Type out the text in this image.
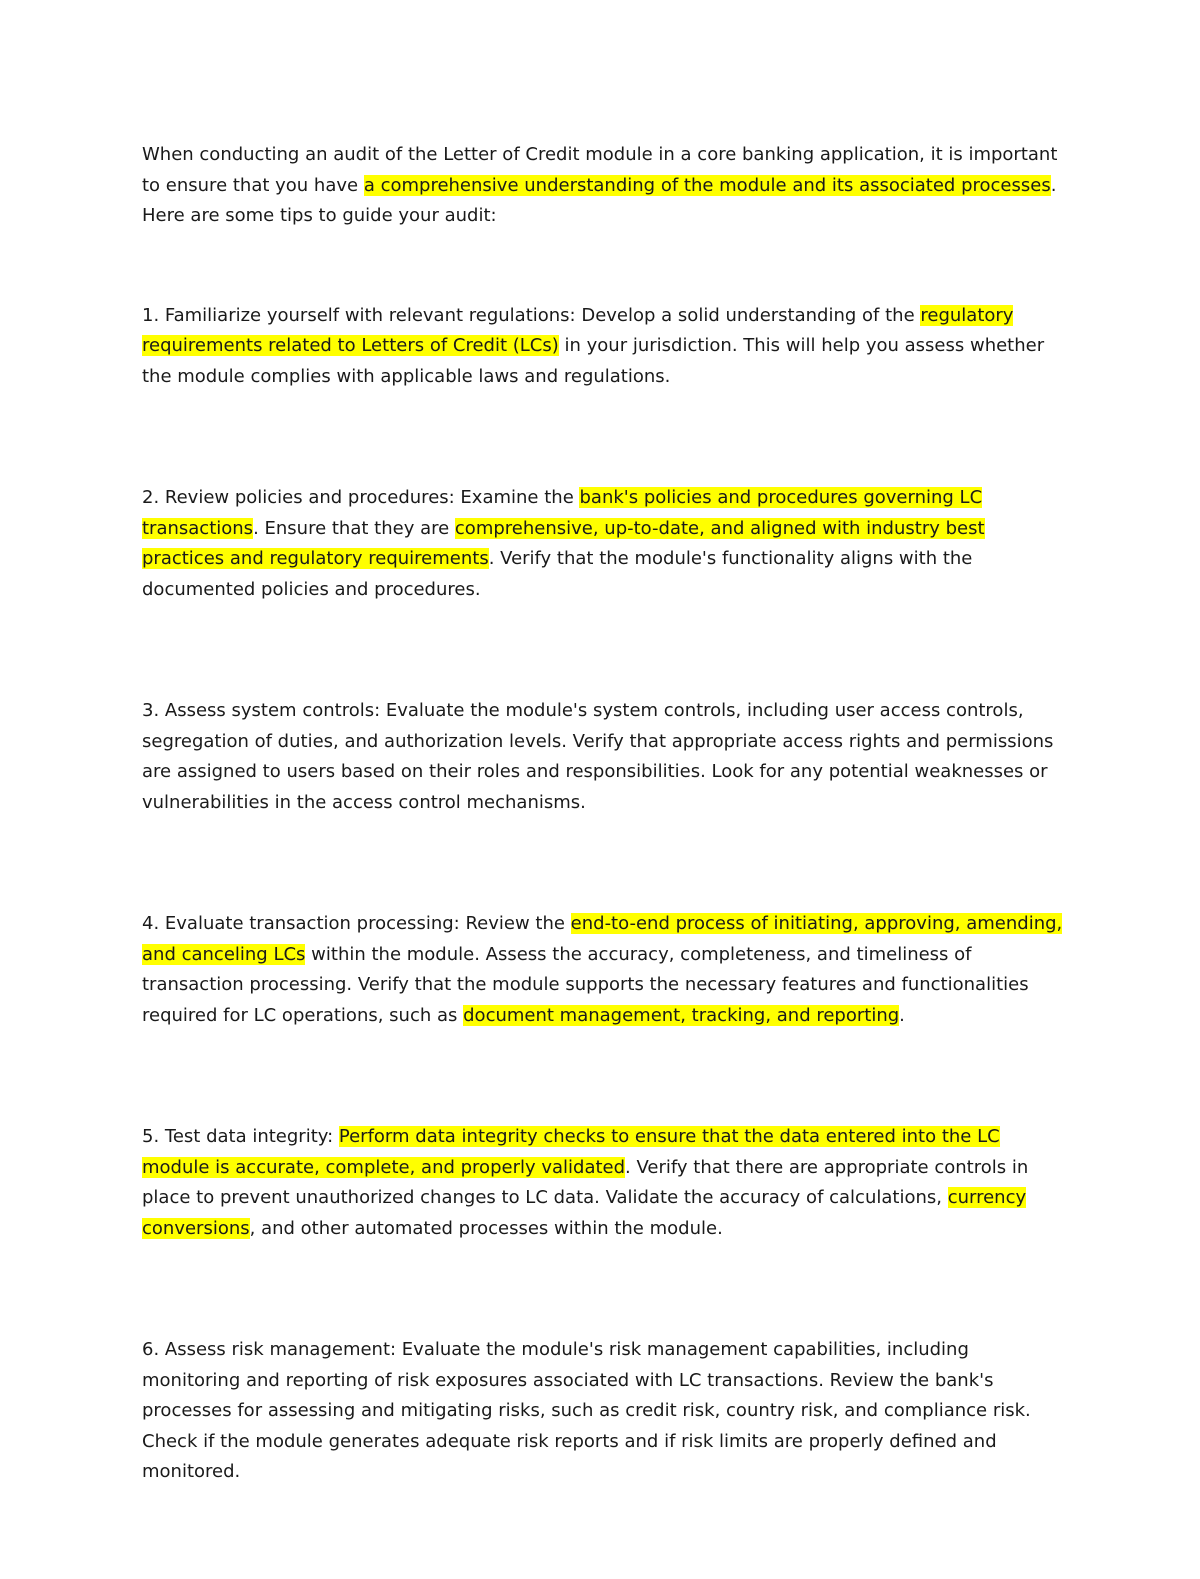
When conducting an audit of the Letter of Credit module in a core banking application, it is important to ensure that you have a comprehensive understanding of the module and its associated processes. Here are some tips to guide your audit:

1. Familiarize yourself with relevant regulations: Develop a solid understanding of the regulatory requirements related to Letters of Credit (LCs) in your jurisdiction. This will help you assess whether the module complies with applicable laws and regulations.

2. Review policies and procedures: Examine the bank's policies and procedures governing LC transactions. Ensure that they are comprehensive, up-to-date, and aligned with industry best practices and regulatory requirements. Verify that the module's functionality aligns with the documented policies and procedures.

3. Assess system controls: Evaluate the module's system controls, including user access controls, segregation of duties, and authorization levels. Verify that appropriate access rights and permissions are assigned to users based on their roles and responsibilities. Look for any potential weaknesses or vulnerabilities in the access control mechanisms.

4. Evaluate transaction processing: Review the end-to-end process of initiating, approving, amending, and canceling LCs within the module. Assess the accuracy, completeness, and timeliness of transaction processing. Verify that the module supports the necessary features and functionalities required for LC operations, such as document management, tracking, and reporting.

5. Test data integrity: Perform data integrity checks to ensure that the data entered into the LC module is accurate, complete, and properly validated. Verify that there are appropriate controls in place to prevent unauthorized changes to LC data. Validate the accuracy of calculations, currency conversions, and other automated processes within the module.

6. Assess risk management: Evaluate the module's risk management capabilities, including monitoring and reporting of risk exposures associated with LC transactions. Review the bank's processes for assessing and mitigating risks, such as credit risk, country risk, and compliance risk. Check if the module generates adequate risk reports and if risk limits are properly defined and monitored.
